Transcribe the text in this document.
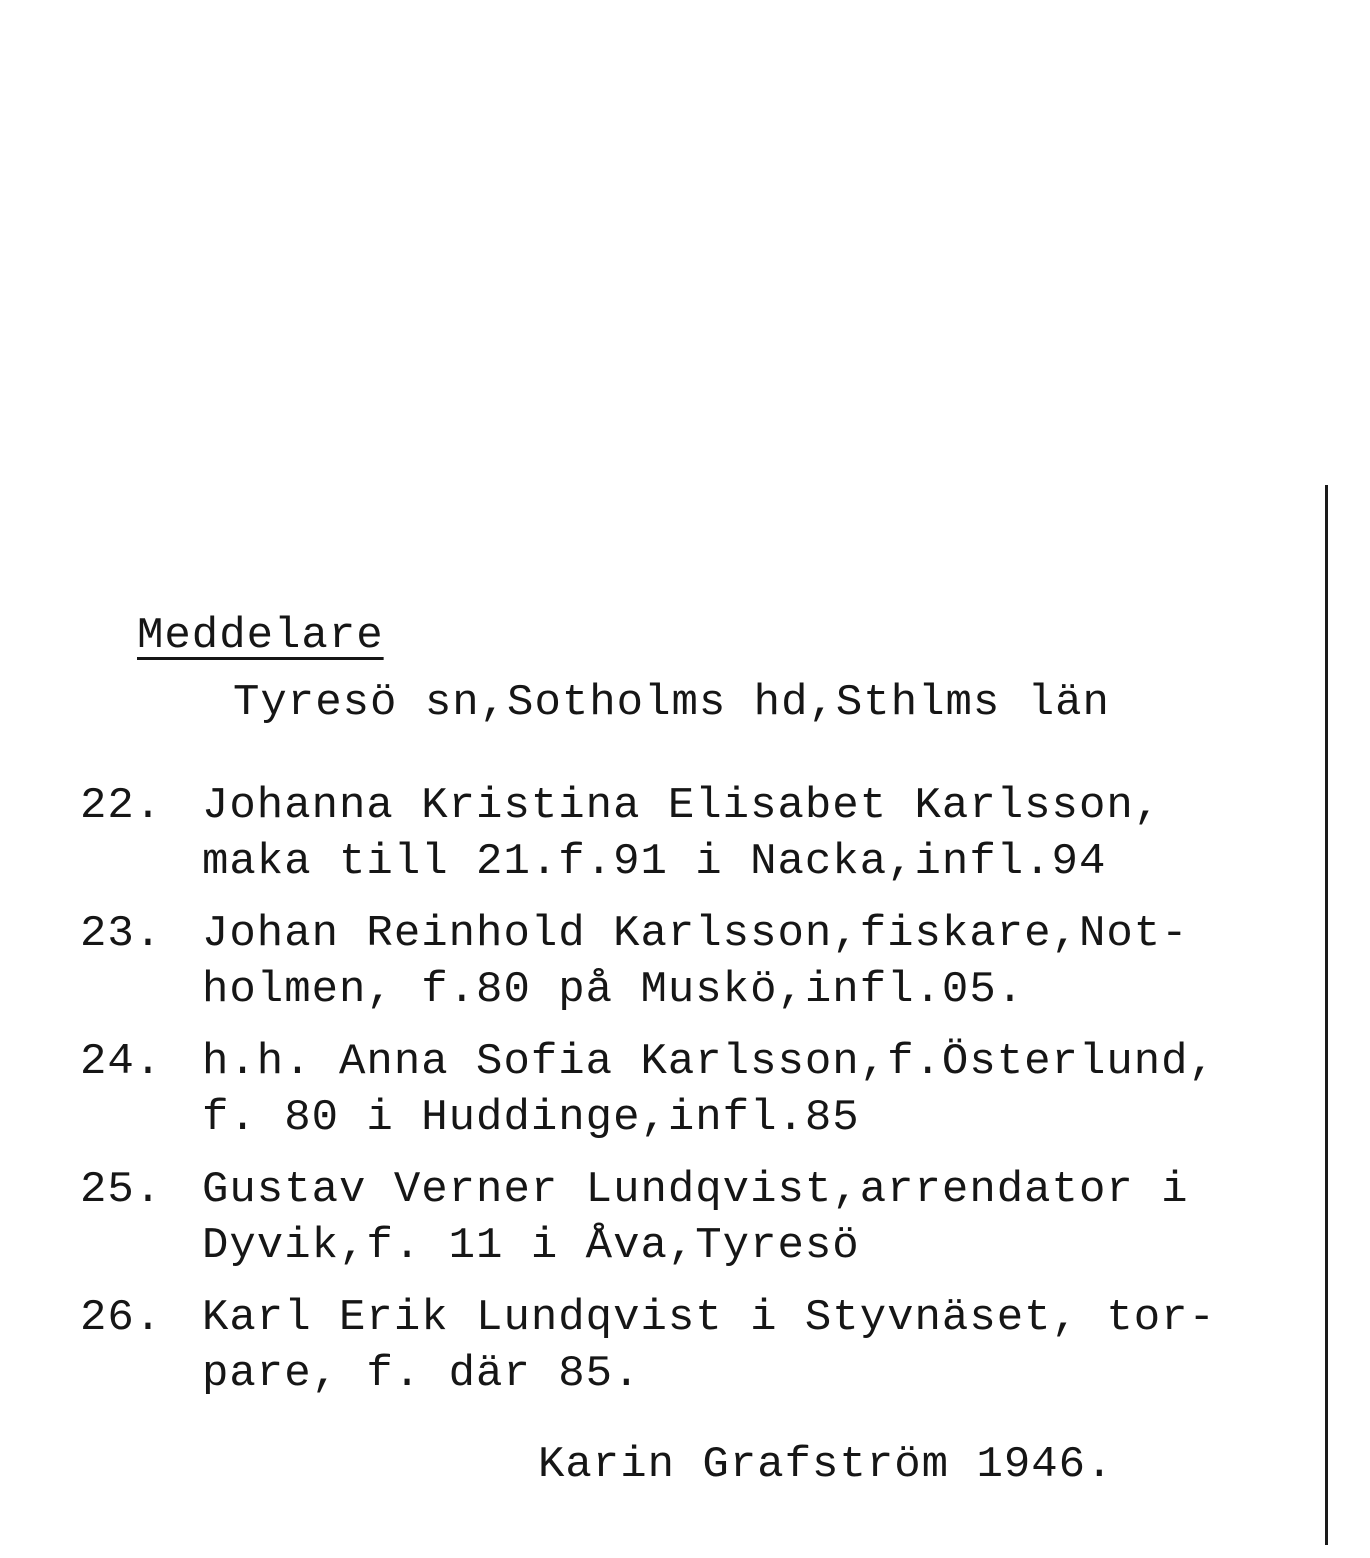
Meddelare
Tyresö sn,Sotholms hd,Sthlms län
22. Johanna Kristina Elisabet Karlsson,
maka till 21.f.91 i Nacka,infl.94
23. Johan Reinhold Karlsson,fiskare,Not-
holmen, f.80 på Muskö,infl.05.
24. h.h. Anna Sofia Karlsson,f.Österlund,
f. 80 i Huddinge,infl.85
25. Gustav Verner Lundqvist,arrendator i
Dyvik,f. 11 i Åva,Tyresö
26. Karl Erik Lundqvist i Styvnäset, tor-
pare, f. där 85.
Karin Grafström 1946.
